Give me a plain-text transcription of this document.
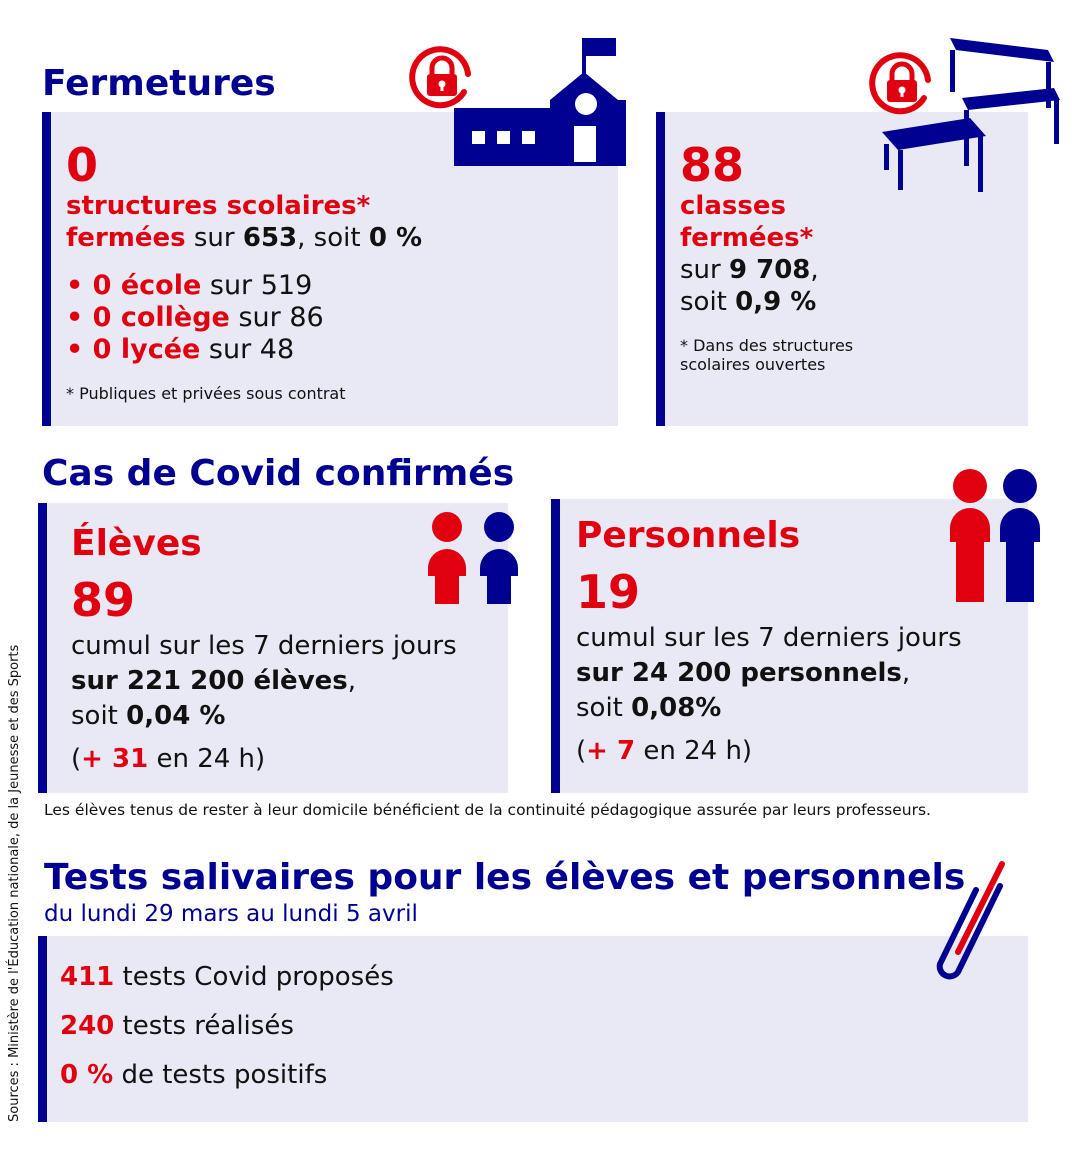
Fermetures
0
structures scolaires*
fermées sur 653, soit 0 %
• 0 école sur 519
• 0 collège sur 86
• 0 lycée sur 48
* Publiques et privées sous contrat
88
classes
fermées*
sur 9 708,
soit 0,9 %
* Dans des structures
scolaires ouvertes
Cas de Covid confirmés
Élèves
89
cumul sur les 7 derniers jours
sur 221 200 élèves,
soit 0,04 %
(+ 31 en 24 h)
Personnels
19
cumul sur les 7 derniers jours
sur 24 200 personnels,
soit 0,08%
(+ 7 en 24 h)
Les élèves tenus de rester à leur domicile bénéficient de la continuité pédagogique assurée par leurs professeurs.
Tests salivaires pour les élèves et personnels
du lundi 29 mars au lundi 5 avril
411 tests Covid proposés
240 tests réalisés
0 % de tests positifs
Sources : Ministère de l'Éducation nationale, de la Jeunesse et des Sports
